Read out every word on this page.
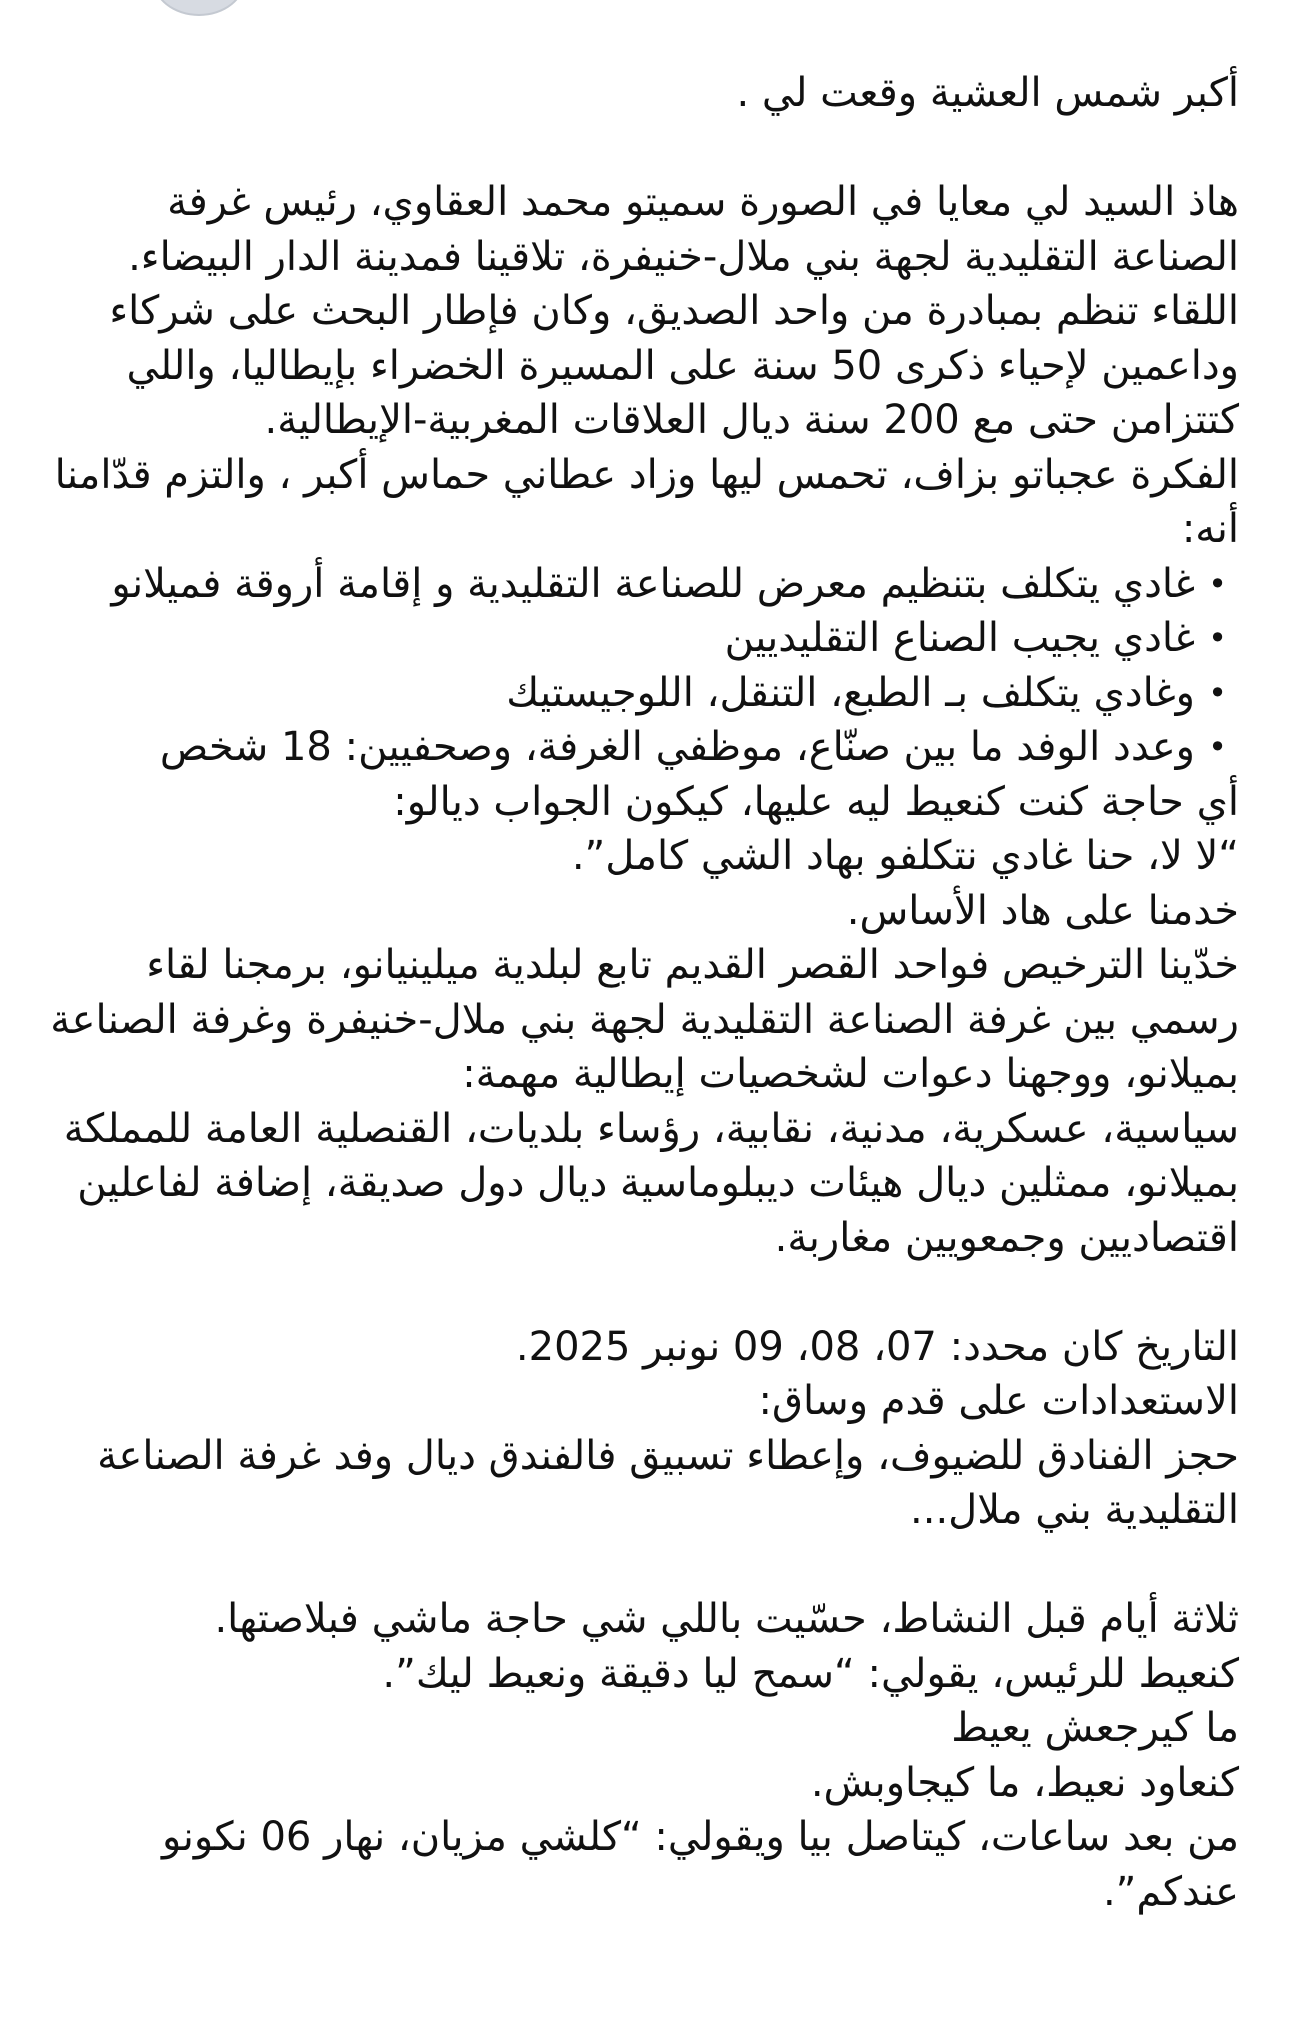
أكبر شمس العشية وقعت لي .

هاذ السيد لي معايا في الصورة سميتو محمد العقاوي، رئيس غرفة الصناعة التقليدية لجهة بني ملال-خنيفرة، تلاقينا فمدينة الدار البيضاء. اللقاء تنظم بمبادرة من واحد الصديق، وكان فإطار البحث على شركاء وداعمين لإحياء ذكرى 50 سنة على المسيرة الخضراء بإيطاليا، واللي كتتزامن حتى مع 200 سنة ديال العلاقات المغربية-الإيطالية.

الفكرة عجباتو بزاف، تحمس ليها وزاد عطاني حماس أكبر ، والتزم قدّامنا أنه:

• غادي يتكلف بتنظيم معرض للصناعة التقليدية و إقامة أروقة فميلانو
• غادي يجيب الصناع التقليديين
• وغادي يتكلف بـ الطبع، التنقل، اللوجيستيك
• وعدد الوفد ما بين صنّاع، موظفي الغرفة، وصحفيين: 18 شخص

أي حاجة كنت كنعيط ليه عليها، كيكون الجواب ديالو:

“لا لا، حنا غادي نتكلفو بهاد الشي كامل”.

خدمنا على هاد الأساس.

خدّينا الترخيص فواحد القصر القديم تابع لبلدية ميلينيانو، برمجنا لقاء رسمي بين غرفة الصناعة التقليدية لجهة بني ملال-خنيفرة وغرفة الصناعة بميلانو، ووجهنا دعوات لشخصيات إيطالية مهمة:

سياسية، عسكرية، مدنية، نقابية، رؤساء بلديات، القنصلية العامة للمملكة بميلانو، ممثلين ديال هيئات ديبلوماسية ديال دول صديقة، إضافة لفاعلين اقتصاديين وجمعويين مغاربة.

التاريخ كان محدد: 07، 08، 09 نونبر 2025.

الاستعدادات على قدم وساق:

حجز الفنادق للضيوف، وإعطاء تسبيق فالفندق ديال وفد غرفة الصناعة التقليدية بني ملال...

ثلاثة أيام قبل النشاط، حسّيت باللي شي حاجة ماشي فبلاصتها.

كنعيط للرئيس، يقولي: “سمح ليا دقيقة ونعيط ليك”.

ما كيرجعش يعيط

كنعاود نعيط، ما كيجاوبش.

من بعد ساعات، كيتاصل بيا ويقولي: “كلشي مزيان، نهار 06 نكونو عندكم”.
